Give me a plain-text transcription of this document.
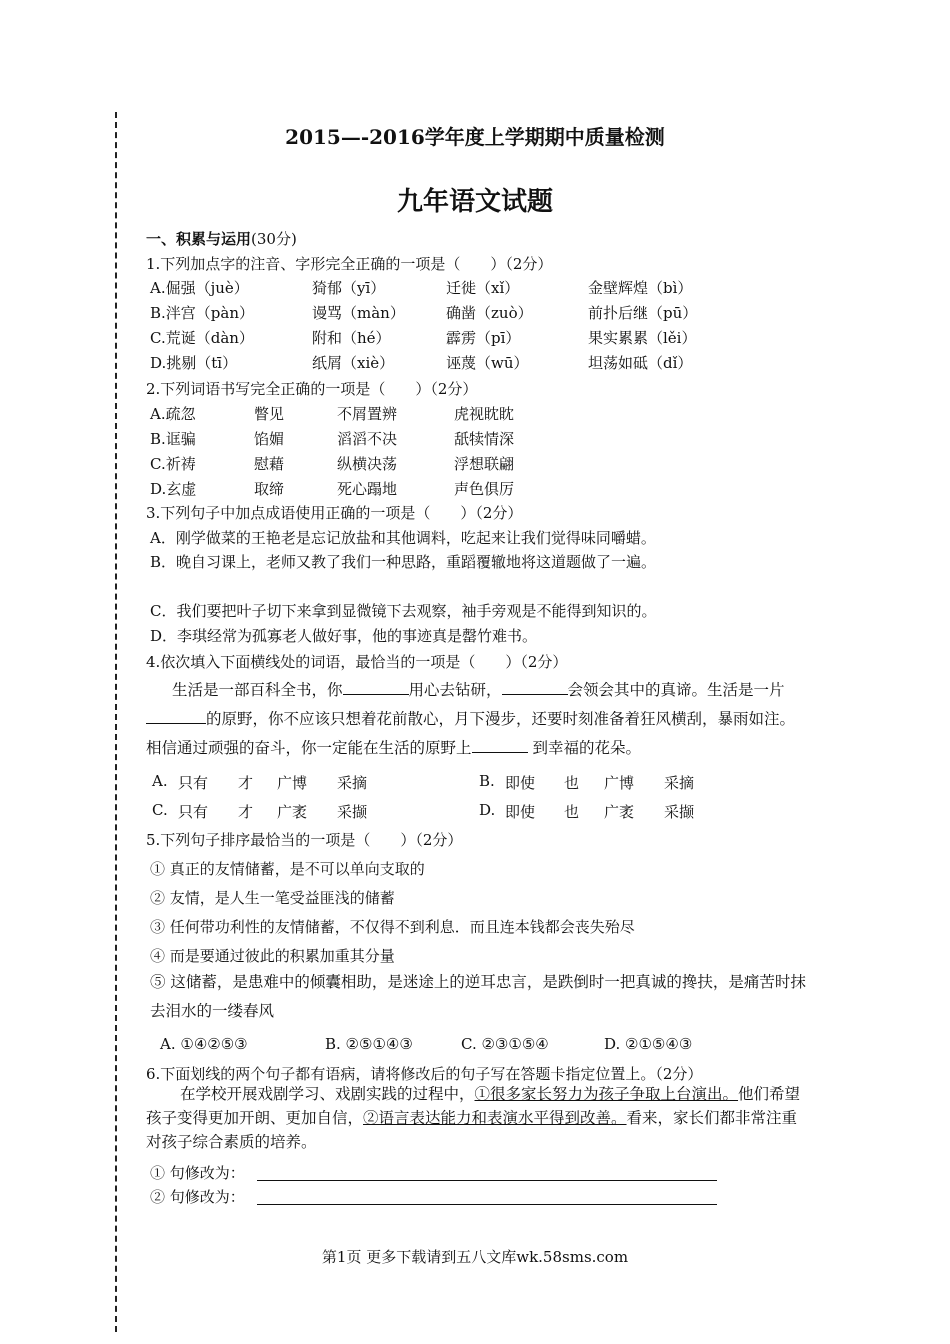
2015—-2016学年度上学期期中质量检测
九年语文试题
一、积累与运用(30分)
1.下列加点字的注音、字形完全正确的一项是（　　）（2分）
A.倔强（juè）	猗郁（yī）	迁徙（xǐ）	金壁辉煌（bì）
B.泮宫（pàn）	谩骂（màn）	确凿（zuò）	前扑后继（pū）
C.荒诞（dàn）	附和（hé）	霹雳（pī）	果实累累（lěi）
D.挑剔（tī）	纸屑（xiè）	诬蔑（wū）	坦荡如砥（dǐ）
2.下列词语书写完全正确的一项是（　　）（2分）
A.疏忽	瞥见	不屑置辨	虎视眈眈
B.诓骗	馅媚	滔滔不决	舐犊情深
C.祈祷	慰藉	纵横决荡	浮想联翩
D.玄虚	取缔	死心蹋地	声色俱厉
3.下列句子中加点成语使用正确的一项是（　　）（2分）
A．刚学做菜的王艳老是忘记放盐和其他调料，吃起来让我们觉得味同嚼蜡。
B．晚自习课上，老师又教了我们一种思路，重蹈覆辙地将这道题做了一遍。
C．我们要把叶子切下来拿到显微镜下去观察，袖手旁观是不能得到知识的。
D．李琪经常为孤寡老人做好事，他的事迹真是罄竹难书。
4.依次填入下面横线处的词语，最恰当的一项是（　　）（2分）
生活是一部百科全书，你	用心去钻研，	会领会其中的真谛。生活是一片的原野，你不应该只想着花前散心，月下漫步，还要时刻准备着狂风横刮，暴雨如注。相信通过顽强的奋斗，你一定能在生活的原野上	到幸福的花朵。
A. 只有 才 广博 采摘	B. 即使 也 广博 采摘
C. 只有 才 广袤 采撷	D. 即使 也 广袤 采撷
5.下列句子排序最恰当的一项是（　　）（2分）
① 真正的友情储蓄，是不可以单向支取的
② 友情，是人生一笔受益匪浅的储蓄
③ 任何带功利性的友情储蓄，不仅得不到利息．而且连本钱都会丧失殆尽
④ 而是要通过彼此的积累加重其分量
⑤ 这储蓄，是患难中的倾囊相助，是迷途上的逆耳忠言，是跌倒时一把真诚的搀扶，是痛苦时抹去泪水的一缕春风
A. ①④②⑤③	B. ②⑤①④③	C. ②③①⑤④	D. ②①⑤④③
6.下面划线的两个句子都有语病，请将修改后的句子写在答题卡指定位置上。（2分）
在学校开展戏剧学习、戏剧实践的过程中，①很多家长努力为孩子争取上台演出。他们希望孩子变得更加开朗、更加自信，②语言表达能力和表演水平得到改善。看来，家长们都非常注重对孩子综合素质的培养。
① 句修改为：
② 句修改为：
第1页 更多下载请到五八文库wk.58sms.com
